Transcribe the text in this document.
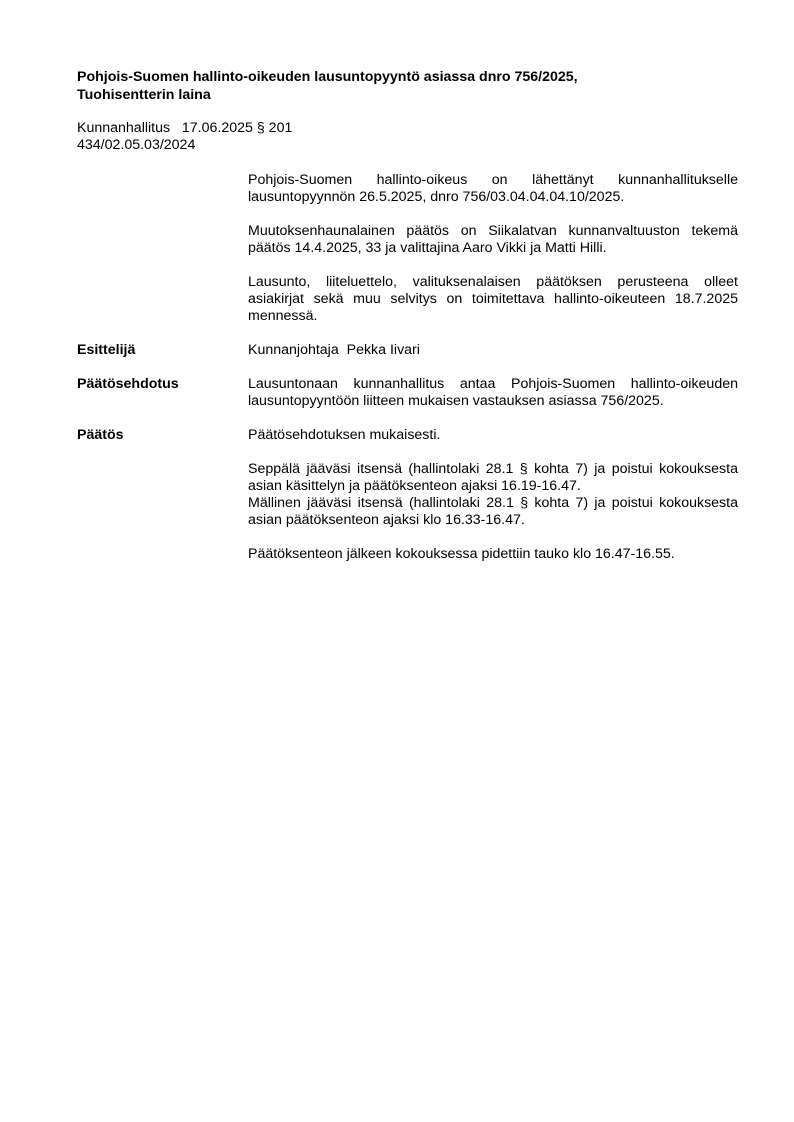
Pohjois-Suomen hallinto-oikeuden lausuntopyyntö asiassa dnro 756/2025,
Tuohisentterin laina
Kunnanhallitus   17.06.2025 § 201
434/02.05.03/2024

Pohjois-Suomen hallinto-oikeus on lähettänyt kunnanhallitukselle lausuntopyynnön 26.5.2025, dnro 756/03.04.04.04.10/2025.

Muutoksenhaunalainen päätös on Siikalatvan kunnanvaltuuston tekemä päätös 14.4.2025, 33 ja valittajina Aaro Vikki ja Matti Hilli.

Lausunto, liiteluettelo, valituksenalaisen päätöksen perusteena olleet asiakirjat sekä muu selvitys on toimitettava hallinto-oikeuteen 18.7.2025 mennessä.

Esittelijä	Kunnanjohtaja  Pekka Iivari

Päätösehdotus	Lausuntonaan kunnanhallitus antaa Pohjois-Suomen hallinto-oikeuden lausuntopyyntöön liitteen mukaisen vastauksen asiassa 756/2025.

Päätös	Päätösehdotuksen mukaisesti.

Seppälä jääväsi itsensä (hallintolaki 28.1 § kohta 7) ja poistui kokouksesta asian käsittelyn ja päätöksenteon ajaksi 16.19-16.47.

Mällinen jääväsi itsensä (hallintolaki 28.1 § kohta 7) ja poistui kokouksesta asian päätöksenteon ajaksi klo 16.33-16.47.

Päätöksenteon jälkeen kokouksessa pidettiin tauko klo 16.47-16.55.
